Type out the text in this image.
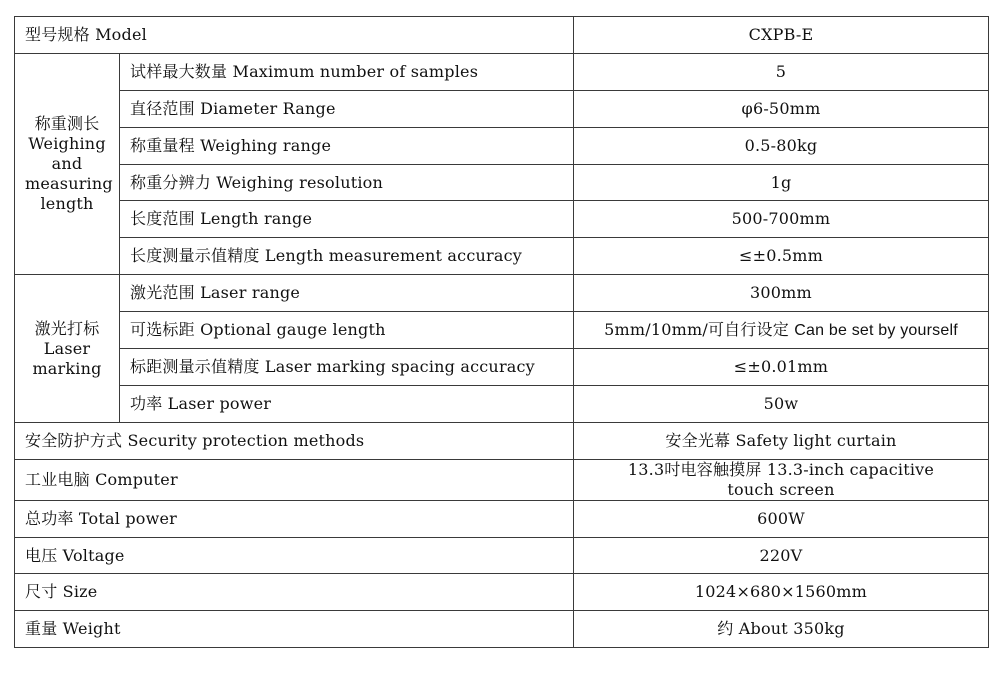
型号规格 Model		CXPB-E

称重测长
Weighing
and
measuring
length	试样最大数量 Maximum number of samples	5
	直径范围 Diameter Range	φ6-50mm
	称重量程 Weighing range	0.5-80kg
	称重分辨力 Weighing resolution	1g
	长度范围 Length range	500-700mm
	长度测量示值精度 Length measurement accuracy	≤±0.5mm

激光打标
Laser
marking	激光范围 Laser range	300mm
	可选标距 Optional gauge length	5mm/10mm/可自行设定 Can be set by yourself
	标距测量示值精度 Laser marking spacing accuracy	≤±0.01mm
	功率 Laser power	50w
安全防护方式 Security protection methods		安全光幕 Safety light curtain
工业电脑 Computer		13.3吋电容触摸屏 13.3-inch capacitive
touch screen

总功率 Total power		600W
电压 Voltage		220V
尺寸 Size		1024×680×1560mm
重量 Weight		约 About 350kg
